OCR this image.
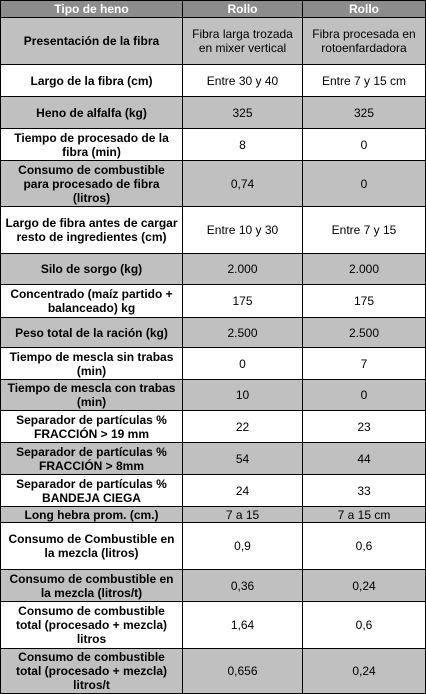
Tipo de heno	Rollo	Rollo
Presentación de la fibra	Fibra larga trozada en mixer vertical	Fibra procesada en rotoenfardadora
Largo de la fibra (cm)	Entre 30 y 40	Entre 7 y 15 cm
Heno de alfalfa (kg)	325	325
Tiempo de procesado de la fibra (min)	8	0
Consumo de combustible para procesado de fibra (litros)	0,74	0
Largo de fibra antes de cargar resto de ingredientes (cm)	Entre 10 y 30	Entre 7 y 15
Silo de sorgo (kg)	2.000	2.000
Concentrado (maíz partido + balanceado) kg	175	175
Peso total de la ración (kg)	2.500	2.500
Tiempo de mescla sin trabas (min)	0	7
Tiempo de mescla con trabas (min)	10	0
Separador de partículas % FRACCIÓN > 19 mm	22	23
Separador de partículas % FRACCIÓN > 8mm	54	44
Separador de partículas % BANDEJA CIEGA	24	33
Long hebra prom. (cm.)	7 a 15	7 a 15 cm
Consumo de Combustible en la mezcla (litros)	0,9	0,6
Consumo de combustible en la mezcla (litros/t)	0,36	0,24
Consumo de combustible total (procesado + mezcla) litros	1,64	0,6
Consumo de combustible total (procesado + mezcla) litros/t	0,656	0,24
